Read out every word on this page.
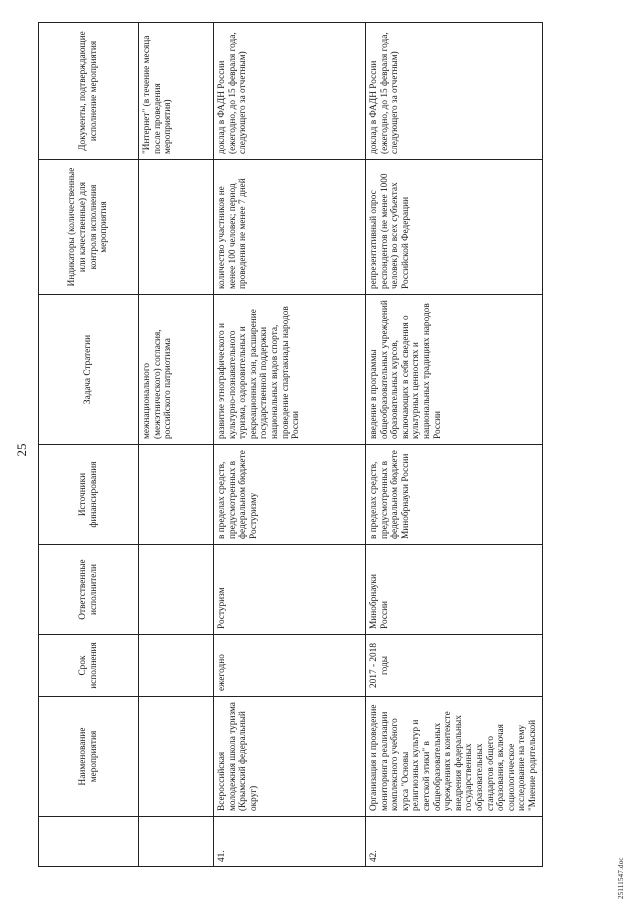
25
	Наименование мероприятия	Срок исполнения	Ответственные исполнители	Источники финансирования	Задача Стратегии	Индикаторы (количественные или качественные) для контроля исполнения мероприятия	Документы, подтверждающие исполнение мероприятия
					межнационального (межэтнического) согласия, российского патриотизма		"Интернет" (в течение месяца после проведения мероприятия)
41.	Всероссийская молодежная школа туризма (Крымский федеральный округ)	ежегодно	Ростуризм	в пределах средств, предусмотренных в федеральном бюджете Ростуризму	развитие этнографического и культурно-познавательного туризма, оздоровительных и рекреационных зон, расширение государственной поддержки национальных видов спорта, проведение спартакиады народов России	количество участников не менее 100 человек; период проведения не менее 7 дней	доклад в ФАДН России (ежегодно, до 15 февраля года, следующего за отчетным)
42.	Организация и проведение мониторинга реализации комплексного учебного курса "Основы религиозных культур и светской этики" в общеобразовательных учреждениях в контексте внедрения федеральных государственных образовательных стандартов общего образования, включая социологическое исследование на тему "Мнение родительской	2017 - 2018 годы	Минобрнауки России	в пределах средств, предусмотренных в федеральном бюджете Минобрнауки России	введение в программы общеобразовательных учреждений образовательных курсов, включающих в себя сведения о культурных ценностях и национальных традициях народов России	репрезентативный опрос респондентов (не менее 1000 человек) во всех субъектах Российской Федерации	доклад в ФАДН России (ежегодно, до 15 февраля года, следующего за отчетным)
25111547.doc
